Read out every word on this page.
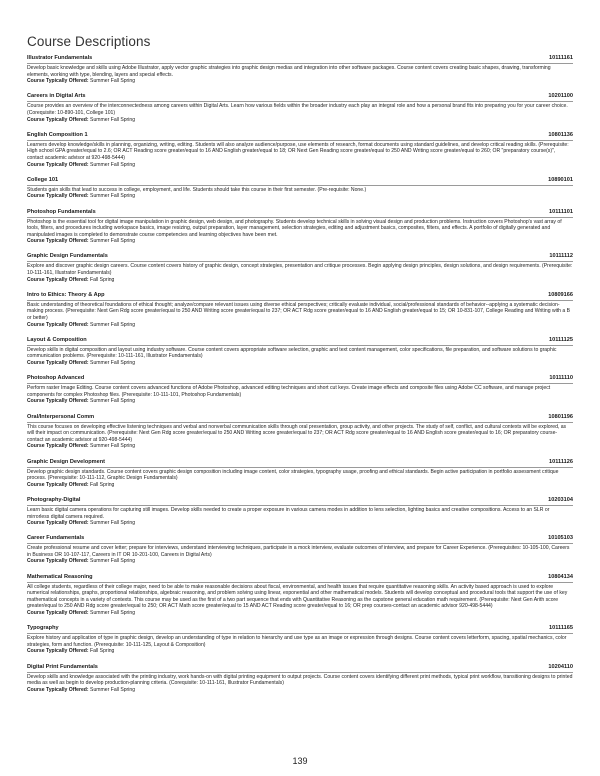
Course Descriptions
Illustrator Fundamentals	10111161
Develop basic knowledge and skills using Adobe Illustrator, apply vector graphic strategies into graphic design medias and integration into other software packages. Course content covers creating basic shapes, drawing, transforming elements, working with type, blending, layers and special effects.
Course Typically Offered: Summer Fall Spring
Careers in Digital Arts	10201100
Course provides an overview of the interconnectedness among careers within Digital Arts. Learn how various fields within the broader industry each play an integral role and how a personal brand fits into preparing you for your career choice. (Corequisite: 10-890-101, College 101)
Course Typically Offered: Summer Fall Spring
English Composition 1	10801136
Learners develop knowledge/skills in planning, organizing, writing, editing. Students will also analyze audience/purpose, use elements of research, format documents using standard guidelines, and develop critical reading skills. (Prerequisite: High school GPA greater/equal to 2.6; OR ACT Reading score greater/equal to 16 AND English greater/equal to 18; OR Next Gen Reading score greater/equal to 250 AND Writing score greater/equal to 260; OR "preparatory course(s)", contact academic advisor at 920-498-5444)
Course Typically Offered: Summer Fall Spring
College 101	10890101
Students gain skills that lead to success in college, employment, and life. Students should take this course in their first semester. (Pre-requisite: None.)
Course Typically Offered: Summer Fall Spring
Photoshop Fundamentals	10111101
Photoshop is the essential tool for digital image manipulation in graphic design, web design, and photography. Students develop technical skills in solving visual design and production problems. Instruction covers Photoshop's vast array of tools, filters, and procedures including workspace basics, image resizing, output preparation, layer management, selection strategies, editing and adjustment basics, composites, filters, and effects. A portfolio of digitally generated and manipulated images is completed to demonstrate course competencies and learning objectives have been met.
Course Typically Offered: Summer Fall Spring
Graphic Design Fundamentals	10111112
Explore and discover graphic design careers. Course content covers history of graphic design, concept strategies, presentation and critique processes. Begin applying design principles, design solutions, and design requirements. (Prerequisite: 10-111-161, Illustrator Fundamentals)
Course Typically Offered: Fall Spring
Intro to Ethics: Theory & App	10809166
Basic understanding of theoretical foundations of ethical thought; analyze/compare relevant issues using diverse ethical perspectives; critically evaluate individual, social/professional standards of behavior--applying a systematic decision-making process. (Prerequisite: Next Gen Rdg score greater/equal to 250 AND Writing score greater/equal to 237; OR ACT Rdg score greater/equal to 16 AND English greater/equal to 15; OR 10-831-107, College Reading and Writing with a B or better)
Course Typically Offered: Summer Fall Spring
Layout & Composition	10111125
Develop skills in digital composition and layout using industry software. Course content covers appropriate software selection, graphic and text content management, color specifications, file preparation, and software solutions to graphic communication problems. (Prerequisite: 10-111-161, Illustrator Fundamentals)
Course Typically Offered: Summer Fall Spring
Photoshop Advanced	10111110
Perform raster Image Editing. Course content covers advanced functions of Adobe Photoshop, advanced editing techniques and short cut keys. Create image effects and composite files using Adobe CC software, and manage project components for complex Photoshop files. (Prerequisite: 10-111-101, Photoshop Fundamentals)
Course Typically Offered: Summer Fall Spring
Oral/Interpersonal Comm	10801196
This course focuses on developing effective listening techniques and verbal and nonverbal communication skills through oral presentation, group activity, and other projects. The study of self, conflict, and cultural contexts will be explored, as will their impact on communication. (Prerequisite: Next Gen Rdg score greater/equal to 250 AND Writing score greater/equal to 237; OR ACT Rdg score greater/equal to 16 AND English score greater/equal to 16; OR preparatory course-contact an academic advisor at 920-498-5444)
Course Typically Offered: Summer Fall Spring
Graphic Design Development	10111126
Develop graphic design standards. Course content covers graphic design composition including image content, color strategies, typography usage, proofing and ethical standards. Begin active participation in portfolio assessment critique process. (Prerequisite: 10-111-112, Graphic Design Fundamentals)
Course Typically Offered: Fall Spring
Photography-Digital	10203104
Learn basic digital camera operations for capturing still images. Develop skills needed to create a proper exposure in various camera modes in addition to lens selection, lighting basics and creative compositions. Access to an SLR or mirrorless digital camera required.
Course Typically Offered: Summer Fall Spring
Career Fundamentals	10105103
Create professional resume and cover letter; prepare for interviews, understand interviewing techniques, participate in a mock interview, evaluate outcomes of interview, and prepare for Career Experience. (Prerequisites: 10-105-100, Careers in Business OR 10-107-117, Careers in IT OR 10-201-100, Careers in Digital Arts)
Course Typically Offered: Summer Fall Spring
Mathematical Reasoning	10804134
All college students, regardless of their college major, need to be able to make reasonable decisions about fiscal, environmental, and health issues that require quantitative reasoning skills. An activity based approach is used to explore numerical relationships, graphs, proportional relationships, algebraic reasoning, and problem solving using linear, exponential and other mathematical models. Students will develop conceptual and procedural tools that support the use of key mathematical concepts in a variety of contexts. This course may be used as the first of a two part sequence that ends with Quantitative Reasoning as the capstone general education math requirement. (Prerequisite: Next Gen Arith score greater/equal to 250 AND Rdg score greater/equal to 250; OR ACT Math score greater/equal to 15 AND ACT Reading score greater/equal to 16; OR prep courses-contact an academic advisor 920-498-5444)
Course Typically Offered: Summer Fall Spring
Typography	10111165
Explore history and application of type in graphic design, develop an understanding of type in relation to hierarchy and use type as an image or expression through designs. Course content covers letterform, spacing, spatial mechanics, color strategies, form and function. (Prerequisite: 10-111-125, Layout & Composition)
Course Typically Offered: Fall Spring
Digital Print Fundamentals	10204110
Develop skills and knowledge associated with the printing industry, work hands-on with digital printing equipment to output projects. Course content covers identifying different print methods, typical print workflow, transitioning designs to printed media as well as begin to develop production-planning criteria. (Corequisite: 10-111-161, Illustrator Fundamentals)
Course Typically Offered: Summer Fall Spring
139
